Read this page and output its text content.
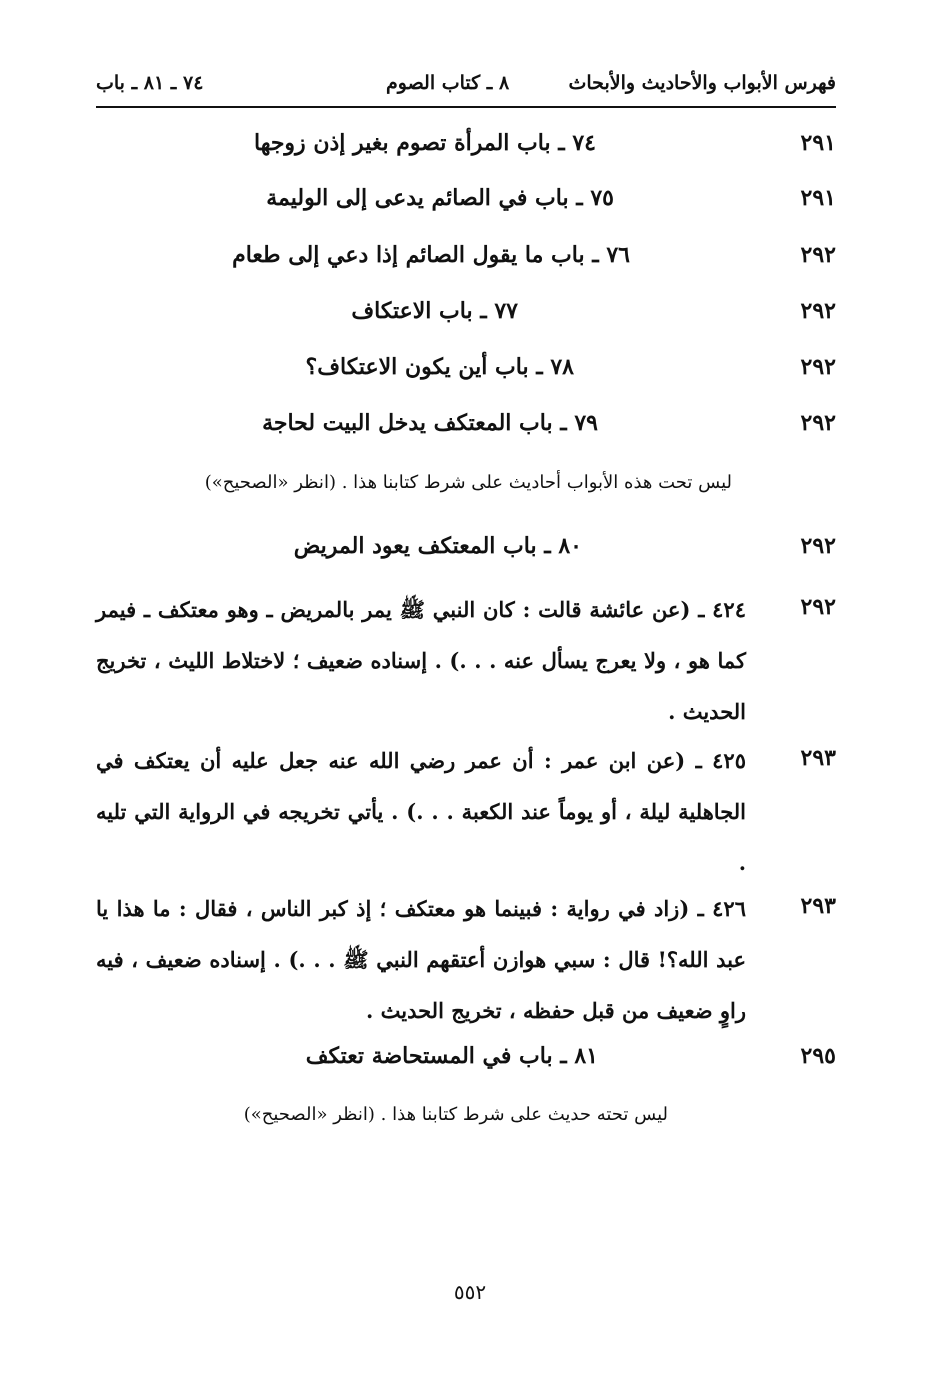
فهرس الأبواب والأحاديث والأبحاث
٨ ـ كتاب الصوم
٧٤ ـ ٨١ ـ باب
٢٩١
٧٤ ـ باب المرأة تصوم بغير إذن زوجها
٢٩١
٧٥ ـ باب في الصائم يدعى إلى الوليمة
٢٩٢
٧٦ ـ باب ما يقول الصائم إذا دعي إلى طعام
٢٩٢
٧٧ ـ باب الاعتكاف
٢٩٢
٧٨ ـ باب أين يكون الاعتكاف؟
٢٩٢
٧٩ ـ باب المعتكف يدخل البيت لحاجة
ليس تحت هذه الأبواب أحاديث على شرط كتابنا هذا . (انظر «الصحيح»)
٢٩٢
٨٠ ـ باب المعتكف يعود المريض
٢٩٢
٤٢٤ ـ (عن عائشة قالت : كان النبي ﷺ يمر بالمريض ـ وهو معتكف ـ فيمر كما هو ، ولا يعرج يسأل عنه . . .) . إسناده ضعيف ؛ لاختلاط الليث ، تخريج الحديث .
٢٩٣
٤٢٥ ـ (عن ابن عمر : أن عمر رضي الله عنه جعل عليه أن يعتكف في الجاهلية ليلة ، أو يوماً عند الكعبة . . .) . يأتي تخريجه في الرواية التي تليه .
٢٩٣
٤٢٦ ـ (زاد في رواية : فبينما هو معتكف ؛ إذ كبر الناس ، فقال : ما هذا يا عبد الله؟! قال : سبي هوازن أعتقهم النبي ﷺ . . .) . إسناده ضعيف ، فيه راوٍ ضعيف من قبل حفظه ، تخريج الحديث .
٢٩٥
٨١ ـ باب في المستحاضة تعتكف
ليس تحته حديث على شرط كتابنا هذا . (انظر «الصحيح»)
٥٥٢
